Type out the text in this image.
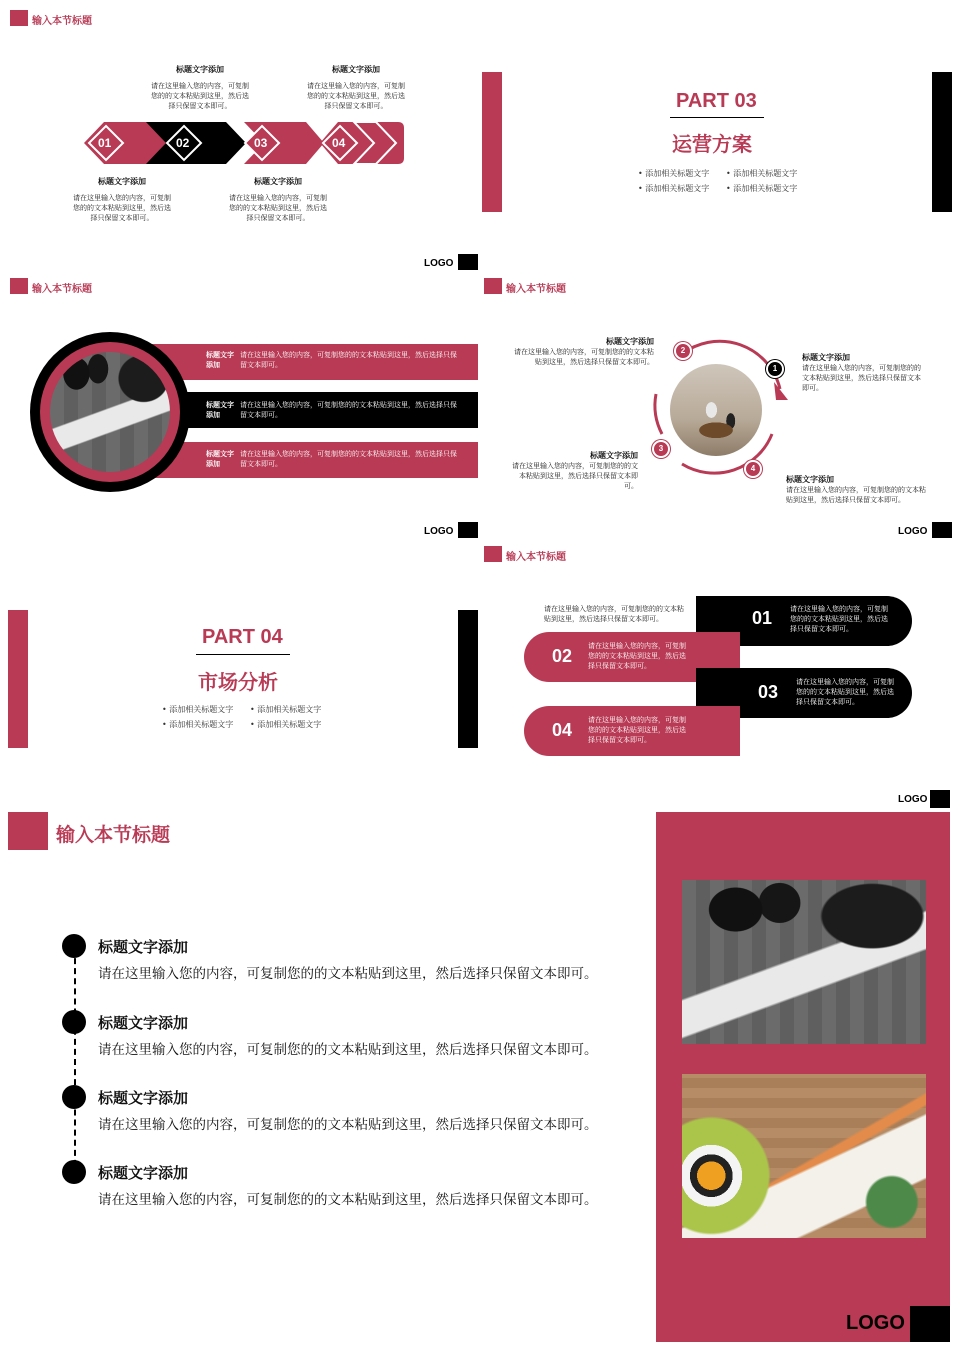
输入本节标题
标题文字添加
请在这里输入您的内容，可复制您的的文本粘贴到这里，然后选择只保留文本即可。
标题文字添加
请在这里输入您的内容，可复制您的的文本粘贴到这里，然后选择只保留文本即可。
01	02	03	04
标题文字添加
请在这里输入您的内容，可复制您的的文本粘贴到这里，然后选择只保留文本即可。
标题文字添加
请在这里输入您的内容，可复制您的的文本粘贴到这里，然后选择只保留文本即可。
LOGO
PART 03
运营方案
• 添加相关标题文字 • 添加相关标题文字
• 添加相关标题文字 • 添加相关标题文字
输入本节标题
标题文字添加
请在这里输入您的内容，可复制您的的文本粘贴到这里，然后选择只保留文本即可。
标题文字添加
请在这里输入您的内容，可复制您的的文本粘贴到这里，然后选择只保留文本即可。
标题文字添加
请在这里输入您的内容，可复制您的的文本粘贴到这里，然后选择只保留文本即可。
LOGO
输入本节标题
1
2
3
4
标题文字添加
请在这里输入您的内容，可复制您的的文本粘贴到这里，然后选择只保留文本即可。	标题文字添加
请在这里输入您的内容，可复制您的的文本粘贴到这里，然后选择只保留文本即可。
标题文字添加
请在这里输入您的内容，可复制您的的文本粘贴到这里，然后选择只保留文本即可。
标题文字添加
请在这里输入您的内容，可复制您的的文本粘贴到这里，然后选择只保留文本即可。
LOGO
PART 04
市场分析
• 添加相关标题文字 • 添加相关标题文字
• 添加相关标题文字 • 添加相关标题文字
输入本节标题
请在这里输入您的内容，可复制您的的文本粘贴到这里，然后选择只保留文本即可。	01	请在这里输入您的内容，可复制您的的文本粘贴到这里，然后选择只保留文本即可。
02 请在这里输入您的内容，可复制您的的文本粘贴到这里，然后选择只保留文本即可。
03	请在这里输入您的内容，可复制您的的文本粘贴到这里，然后选择只保留文本即可。
04 请在这里输入您的内容，可复制您的的文本粘贴到这里，然后选择只保留文本即可。
LOGO
输入本节标题
标题文字添加
请在这里输入您的内容，可复制您的的文本粘贴到这里，然后选择只保留文本即可。
标题文字添加
请在这里输入您的内容，可复制您的的文本粘贴到这里，然后选择只保留文本即可。
标题文字添加
请在这里输入您的内容，可复制您的的文本粘贴到这里，然后选择只保留文本即可。
标题文字添加
请在这里输入您的内容，可复制您的的文本粘贴到这里，然后选择只保留文本即可。
LOGO
